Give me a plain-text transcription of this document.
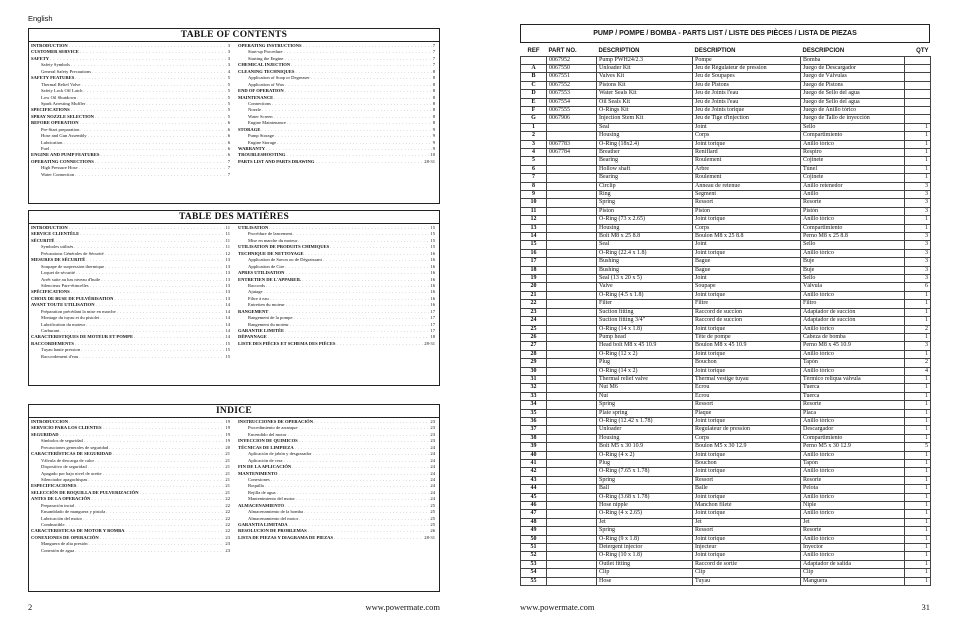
English
TABLE OF CONTENTS
INTRODUCTION . . .	3
CUSTOMER SERVICE . . .	3
SAFETY . . .	3
Safety Symbols . . .	3
General Safety Precautions . . .	4
SAFETY FEATURES . . .	5
Thermal Relief Valve . . .	5
Safety Lock Off Latch . . .	5
Low Oil Shutdown . . .	5
Spark Arresting Muffler . . .	5
SPECIFICATIONS . . .	5
SPRAY NOZZLE SELECTION . . .	5
BEFORE OPERATION . . .	6
Pre-Start preparation . . .	6
Hose and Gun Assembly . . .	6
Lubrication . . .	6
Fuel . . .	6
ENGINE AND PUMP FEATURES . . .	6
OPERATING CONNECTIONS . . .	7
High Pressure Hose . . .	7
Water Connection . . .	7
OPERATING INSTRUCTIONS . . .	7
Start-up Procedure . . .	7
Starting the Engine . . .	7
CHEMICAL INJECTION . . .	7
CLEANING TECHNIQUES . . .	8
Application of Soap or Degreaser . . .	8
Application of Wax . . .	8
END OF OPERATION . . .	8
MAINTENANCE . . .	8
Connections . . .	8
Nozzle . . .	8
Water Screen . . .	8
Engine Maintenance . . .	8
STORAGE . . .	9
Pump Storage . . .	9
Engine Storage . . .	9
WARRANTY . . .	9
TROUBLESHOOTING . . .	10
PARTS LIST AND PARTS DRAWING . . .	28-31
TABLE DES MATIÈRES
INTRODUCTION . . .	11
SERVICE CLIENTÈLE . . .	11
SÉCURITÉ . . .	11
Symboles utilisés . . .	11
Précautions Générales de Sécurité . . .	12
MESURES DE SÉCURITÉ . . .	13
Soupape de surpression thermique . . .	13
Loquet de sécurité . . .	13
Arrêt suite au bas niveau d'huile . . .	13
Silencieux Pare-étincelles . . .	13
SPÉCIFICATIONS . . .	13
CHOIX DE BUSE DE PULVÉRISATION . . .	13
AVANT TOUTE UTILISATION . . .	14
Préparation précédant la mise en marche . . .	14
Montage du tuyau et du pistolet . . .	14
Lubrification du moteur . . .	14
Carburant . . .	14
CARACTERISTIQUES DE MOTEUR ET POMPE . . .	14
RACCORDEMENTS . . .	15
Tuyau haute pression . . .	15
Raccordement d'eau . . .	15
UTILISATION . . .	15
Procédure de lancement . . .	15
Mise en marche du moteur . . .	15
UTILISATION DE PRODUITS CHIMIQUES . . .	15
TECHNIQUE DE NETTOYAGE . . .	16
Application de Savon ou de Dégraissant . . .	16
Application de Cire . . .	16
APRES UTILISATION . . .	16
ENTRETIEN DE L'APPAREIL . . .	16
Raccords . . .	16
Ajutage . . .	16
Filtre à eau . . .	16
Entretien du moteur . . .	16
RANGEMENT . . .	17
Rangement de la pompe . . .	17
Rangement du moteur . . .	17
GARANTIE LIMITÉE . . .	17
DÉPANNAGE . . .	18
LISTE DES PIÈCES ET SCHEMA DES PIÈCES . . .	28-31
INDICE
INTRODUCCION . . .	19
SERVICIO PARA LOS CLIENTES . . .	19
SEGURIDAD . . .	19
Símbolos de seguridad . . .	19
Precauciones generales de seguridad . . .	20
CARACTERÍSTICAS DE SEGURIDAD . . .	21
Válvula de descarga de calor . . .	21
Dispositivo de seguridad . . .	21
Apagado por bajo nivel de aceite . . .	21
Silenciador apagachispas . . .	21
ESPECIFICACIONES . . .	21
SELECCIÓN DE BOQUILLA DE PULVERIZACIÓN . . .	21
ANTES DE LA OPERACIÓN . . .	22
Preparación incial . . .	22
Ensamblado de manguera y pistola . . .	22
Lubricación del motor . . .	22
Combustible . . .	22
CARACTERISTICAS DE MOTOR Y BOMBA . . .	22
CONEXIONES DE OPERACIÓN . . .	23
Manguera de alta presión . . .	23
Conexión de agua . . .	23
INSTRUCCIONES DE OPERACIÓN . . .	23
Procedimiento de arranque . . .	23
Encendido del motor . . .	23
INYECCION DE QUIMICOS . . .	23
TÉCNICAS DE LIMPIEZA . . .	24
Aplicación de jabón y desgrasador . . .	24
Aplicación de cera . . .	24
FIN DE LA APLICACIÓN . . .	24
MANTENIMENTO . . .	24
Conexiones . . .	24
Boquilla . . .	24
Rejilla de agua . . .	24
Mantenimiento del motor . . .	24
ALMACENAMIENTO . . .	25
Almacenamiento de la bomba . . .	25
Almacenamiento del motor . . .	25
GARANTIA LIMITADA . . .	25
RESOLUCION DE PROBLEMAS . . .	26
LISTA DE PIEZAS Y DIAGRAMA DE PIEZAS . . .	28-31
2	www.powermate.com
PUMP / POMPE / BOMBA - PARTS LIST / LISTE DES PIÈCES / LISTA DE PIEZAS
REF	PART NO.	DESCRIPTION	DESCRIPTION	DESCRIPCION	QTY
	0067952	Pump PWH24/2.3	Pompe	Bomba	
A	0067550	Unloader Kit	Jeu de Régulateur de pression	Juego de Descargador	
B	0067551	Valves Kit	Jeu de Soupapes	Juego de Válvulas	
C	0067552	Pistons Kit	Jeu de Pistons	Juego de Pistons	
D	0067553	Water Seals Kit	Jeu de Joints l'eau	Juego de Sello del agua	
E	0067554	Oil Seals Kit	Jeu de Joints l'eau	Juego de Sello del agua	
F	0067555	O-Rings Kit	Jeu de Joints torique	Juego de Anillo tórico	
G	0067906	Injection Stem Kit	Jeu de Tige d'injection	Juego de Tallo de inyección	
1		Seal	Joint	Sello	1
2		Housing	Corps	Compartimiento	1
3	0067783	O-Ring (18x2.4)	Joint torique	Anillo tórico	1
4	0067784	Breather	Reniflard	Respiro	1
5		Bearing	Roulement	Cojinete	1
6		Hollow shaft	Arbre	Túnel	1
7		Bearing	Roulement	Cojinete	1
8		Circlip	Anneau de retenue	Anillo retenedor	3
9		Ring	Segment	Anillo	3
10		Spring	Ressort	Resorte	3
11		Piston	Piston	Pistón	3
12		O-Ring (73 x 2.65)	Joint torique	Anillo tórico	1
13		Housing	Corps	Compartimiento	1
14		Bolt M8 x 25 8.8	Boulon M8 x 25 8.8	Perno M8 x 25 8.8	3
15		Seal	Joint	Sello	3
16		O-Ring (22.4 x 1.8)	Joint torique	Anillo tórico	3
17		Bushing	Bague	Buje	3
18		Bushing	Bague	Buje	3
19		Seal (13 x 20 x 5)	Joint	Sello	3
20		Valve	Soupape	Válvula	6
21		O-Ring (4.5 x 1.8)	Joint torique	Anillo tórico	1
22		Filter	Filtre	Filtro	1
23		Suction fitting	Raccord de succion	Adaptador de succión	1
24		Suction fitting 3/4"	Raccord de succion	Adaptador de succión	1
25		O-Ring (14 x 1.8)	Joint torique	Anillo tórico	2
26		Pump head	Tête de pompe	Cabeza de bomba	1
27		Head bolt M8 x 45 10.9	Boulon M8 x 45 10.9	Perno M8 x 45 10.9	3
28		O-Ring (12 x 2)	Joint torique	Anillo tórico	1
29		Plug	Bouchon	Tapón	2
30		O-Ring (14 x 2)	Joint torique	Anillo tórico	4
31		Thermal relief valve	Thermal vestige tuyau	Térmico reliqua válvula	1
32		Nut M6	Ecrou	Tuerca	1
33		Nut	Ecrou	Tuerca	1
34		Spring	Ressort	Resorte	1
35		Plate spring	Plaque	Placa	1
36		O-Ring (12.42 x 1.78)	Joint torique	Anillo tórico	1
37		Unloader	Regulateur de pression	Descargador	1
38		Housing	Corps	Compartimiento	1
39		Bolt M5 x 30 10.9	Boulon M5 x 30 12.9	Perno M5 x 30 12.9	5
40		O-Ring (4 x 2)	Joint torique	Anillo tórico	1
41		Plug	Bouchon	Tapón	1
42		O-Ring (7.65 x 1.78)	Joint torique	Anillo tórico	1
43		Spring	Ressort	Resorte	1
44		Ball	Balle	Pelota	1
45		O-Ring (3.68 x 1.78)	Joint torique	Anillo tórico	1
46		Hose nipple	Manchon fileté	Niple	1
47		O-Ring (4 x 2.65)	Joint torique	Anillo tórico	1
48		Jet	Jet	Jet	1
49		Spring	Ressort	Resorte	1
50		O-Ring (9 x 1.8)	Joint torique	Anillo tórico	1
51		Detergent injector	Injecteur	Inyector	1
52		O-Ring (10 x 1.8)	Joint torique	Anillo tórico	1
53		Outlet fitting	Raccord de sortie	Adaptador de salida	1
54		Clip	Clip	Clip	1
55		Hose	Tuyau	Manguera	1
www.powermate.com	31
